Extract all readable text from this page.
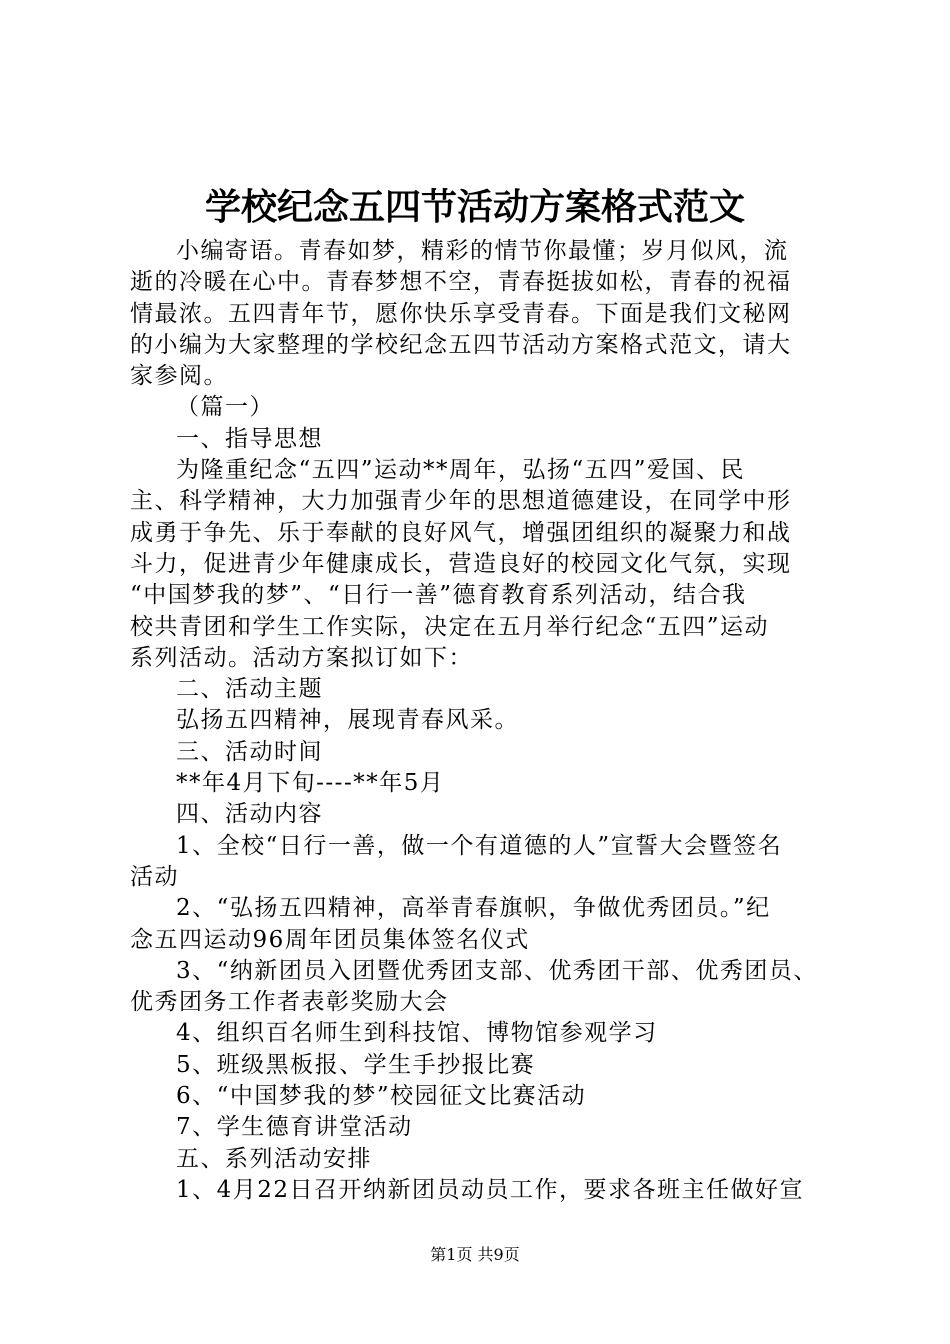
学校纪念五四节活动方案格式范文

小编寄语。青春如梦，精彩的情节你最懂；岁月似风，流

逝的冷暖在心中。青春梦想不空，青春挺拔如松，青春的祝福

情最浓。五四青年节，愿你快乐享受青春。下面是我们文秘网

的小编为大家整理的学校纪念五四节活动方案格式范文，请大

家参阅。

（篇一）

一、指导思想

为隆重纪念“五四”运动**周年，弘扬“五四”爱国、民

主、科学精神，大力加强青少年的思想道德建设，在同学中形

成勇于争先、乐于奉献的良好风气，增强团组织的凝聚力和战

斗力，促进青少年健康成长，营造良好的校园文化气氛，实现

“中国梦我的梦”、“日行一善”德育教育系列活动，结合我

校共青团和学生工作实际，决定在五月举行纪念“五四”运动

系列活动。活动方案拟订如下：

二、活动主题

弘扬五四精神，展现青春风采。

三、活动时间

**年4月下旬----**年5月

四、活动内容

1、全校“日行一善，做一个有道德的人”宣誓大会暨签名

活动

2、“弘扬五四精神，高举青春旗帜，争做优秀团员。”纪

念五四运动96周年团员集体签名仪式

3、“纳新团员入团暨优秀团支部、优秀团干部、优秀团员、

优秀团务工作者表彰奖励大会

4、组织百名师生到科技馆、博物馆参观学习

5、班级黑板报、学生手抄报比赛

6、“中国梦我的梦”校园征文比赛活动

7、学生德育讲堂活动

五、系列活动安排

1、4月22日召开纳新团员动员工作，要求各班主任做好宣

第1页 共9页
